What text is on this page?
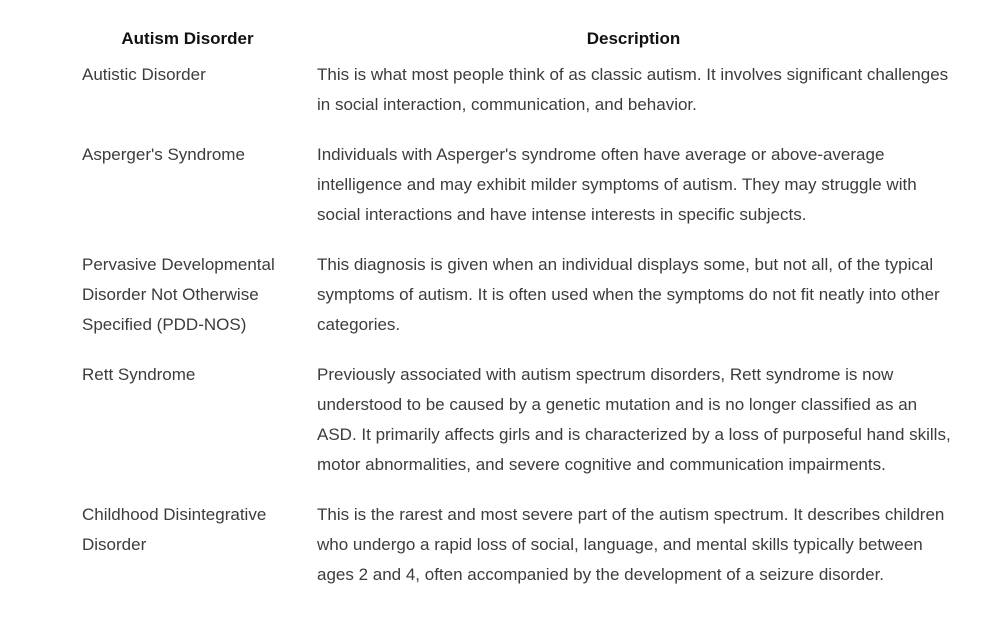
Autism Disorder	Description
Autistic Disorder	This is what most people think of as classic autism. It involves significant challenges in social interaction, communication, and behavior.
Asperger's Syndrome	Individuals with Asperger's syndrome often have average or above-average intelligence and may exhibit milder symptoms of autism. They may struggle with social interactions and have intense interests in specific subjects.
Pervasive Developmental Disorder Not Otherwise Specified (PDD-NOS)	This diagnosis is given when an individual displays some, but not all, of the typical symptoms of autism. It is often used when the symptoms do not fit neatly into other categories.
Rett Syndrome	Previously associated with autism spectrum disorders, Rett syndrome is now understood to be caused by a genetic mutation and is no longer classified as an ASD. It primarily affects girls and is characterized by a loss of purposeful hand skills, motor abnormalities, and severe cognitive and communication impairments.
Childhood Disintegrative Disorder	This is the rarest and most severe part of the autism spectrum. It describes children who undergo a rapid loss of social, language, and mental skills typically between ages 2 and 4, often accompanied by the development of a seizure disorder.
